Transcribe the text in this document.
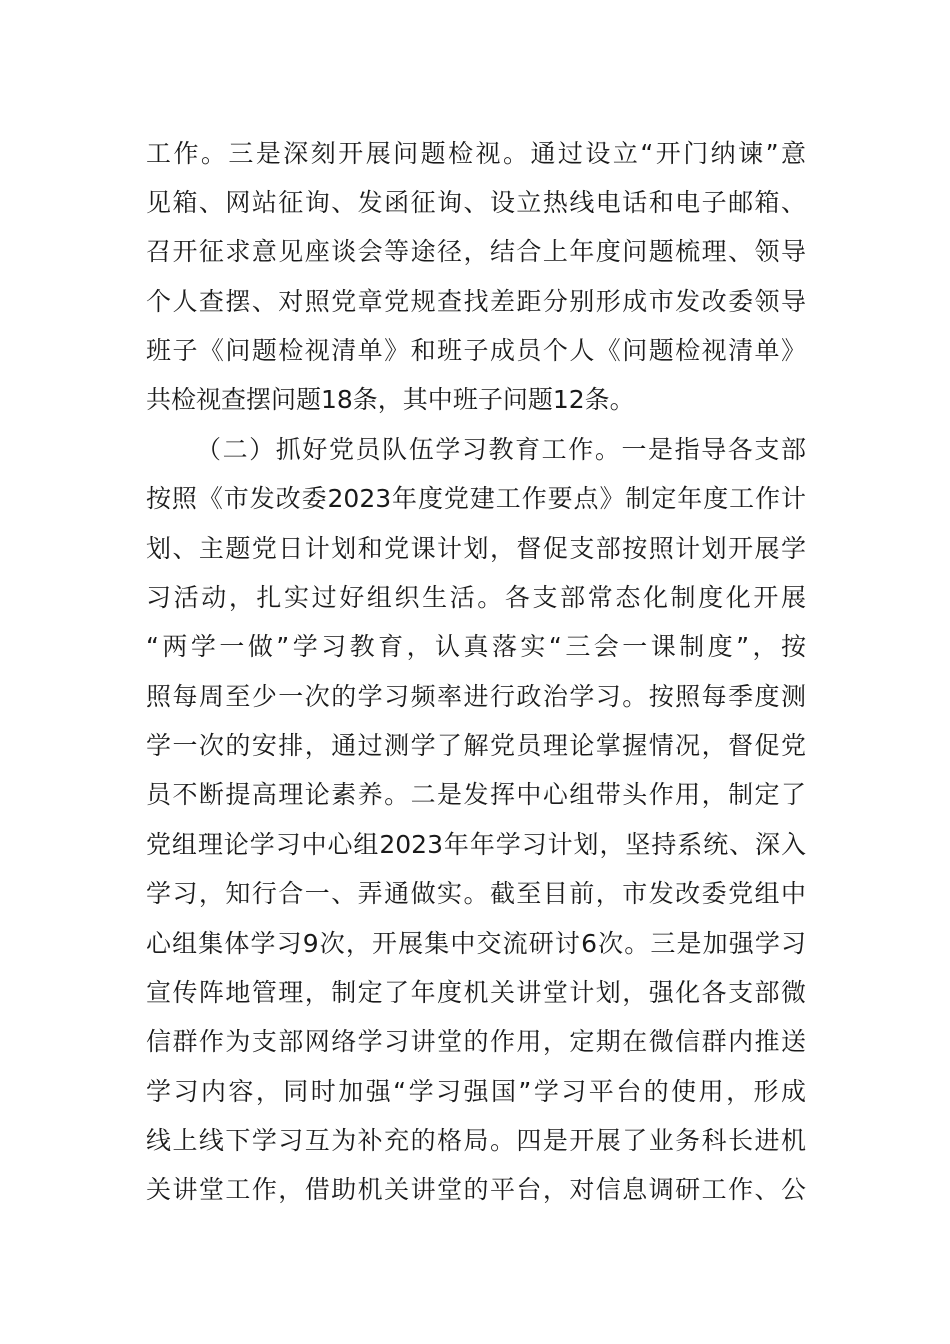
工作。三是深刻开展问题检视。通过设立“开门纳谏”意
见箱、网站征询、发函征询、设立热线电话和电子邮箱、
召开征求意见座谈会等途径，结合上年度问题梳理、领导
个人查摆、对照党章党规查找差距分别形成市发改委领导
班子《问题检视清单》和班子成员个人《问题检视清单》
共检视查摆问题18条，其中班子问题12条。
（二）抓好党员队伍学习教育工作。一是指导各支部
按照《市发改委2023年度党建工作要点》制定年度工作计
划、主题党日计划和党课计划，督促支部按照计划开展学
习活动，扎实过好组织生活。各支部常态化制度化开展
“两学一做”学习教育，认真落实“三会一课制度”，按
照每周至少一次的学习频率进行政治学习。按照每季度测
学一次的安排，通过测学了解党员理论掌握情况，督促党
员不断提高理论素养。二是发挥中心组带头作用，制定了
党组理论学习中心组2023年年学习计划，坚持系统、深入
学习，知行合一、弄通做实。截至目前，市发改委党组中
心组集体学习9次，开展集中交流研讨6次。三是加强学习
宣传阵地管理，制定了年度机关讲堂计划，强化各支部微
信群作为支部网络学习讲堂的作用，定期在微信群内推送
学习内容，同时加强“学习强国”学习平台的使用，形成
线上线下学习互为补充的格局。四是开展了业务科长进机
关讲堂工作，借助机关讲堂的平台，对信息调研工作、公
